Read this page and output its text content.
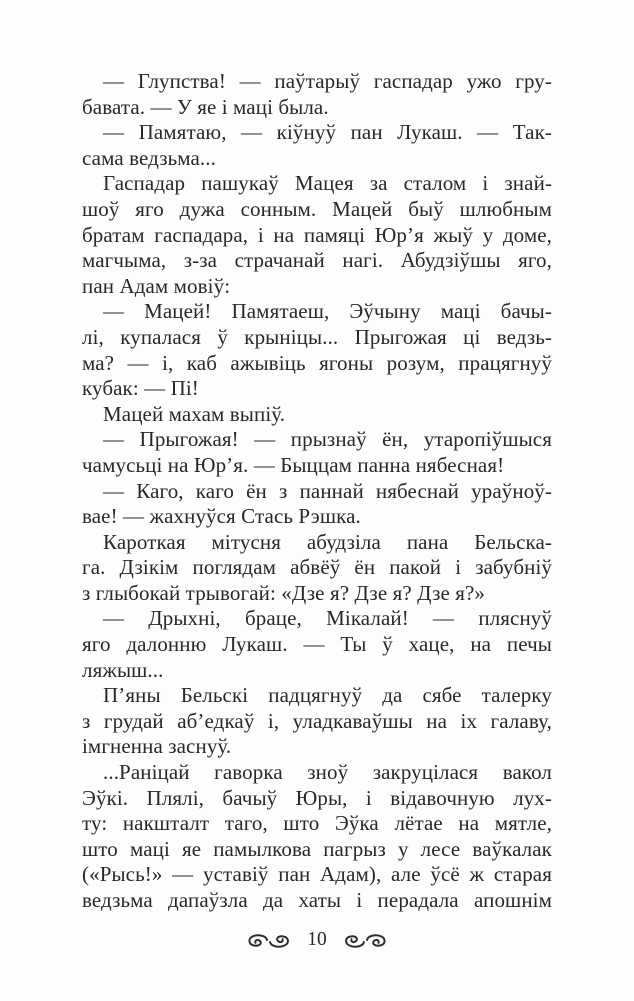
— Глупства! — паўтарыў гаспадар ужо гру-
бавата. — У яе і маці была.
— Памятаю, — кіўнуў пан Лукаш. — Так-
сама ведзьма...
Гаспадар пашукаў Мацея за сталом і знай-
шоў яго дужа сонным. Мацей быў шлюбным
братам гаспадара, і на памяці Юр’я жыў у доме,
магчыма, з-за страчанай нагі. Абудзіўшы яго,
пан Адам мовіў:
— Мацей! Памятаеш, Эўчыну маці бачы-
лі, купалася ў крыніцы... Прыгожая ці ведзь-
ма? — і, каб ажывіць ягоны розум, працягнуў
кубак: — Пі!
Мацей махам выпіў.
— Прыгожая! — прызнаў ён, утаропіўшыся
чамусьці на Юр’я. — Быццам панна нябесная!
— Каго, каго ён з паннай нябеснай ураўноў-
вае! — жахнуўся Стась Рэшка.
Кароткая мітусня абудзіла пана Бельска-
га. Дзікім поглядам абвёў ён пакой і забубніў
з глыбокай трывогай: «Дзе я? Дзе я? Дзе я?»
— Дрыхні, браце, Мікалай! — пляснуў
яго далонню Лукаш. — Ты ў хаце, на печы
ляжыш...
П’яны Бельскі падцягнуў да сябе талерку
з грудай аб’едкаў і, уладкаваўшы на іх галаву,
імгненна заснуў.
...Раніцай гаворка зноў закруцілася вакол
Эўкі. Плялі, бачыў Юры, і відавочную лух-
ту: накшталт таго, што Эўка лётае на мятле,
што маці яе памылкова пагрыз у лесе ваўкалак
(«Рысь!» — уставіў пан Адам), але ўсё ж старая
ведзьма дапаўзла да хаты і перадала апошнім
10
